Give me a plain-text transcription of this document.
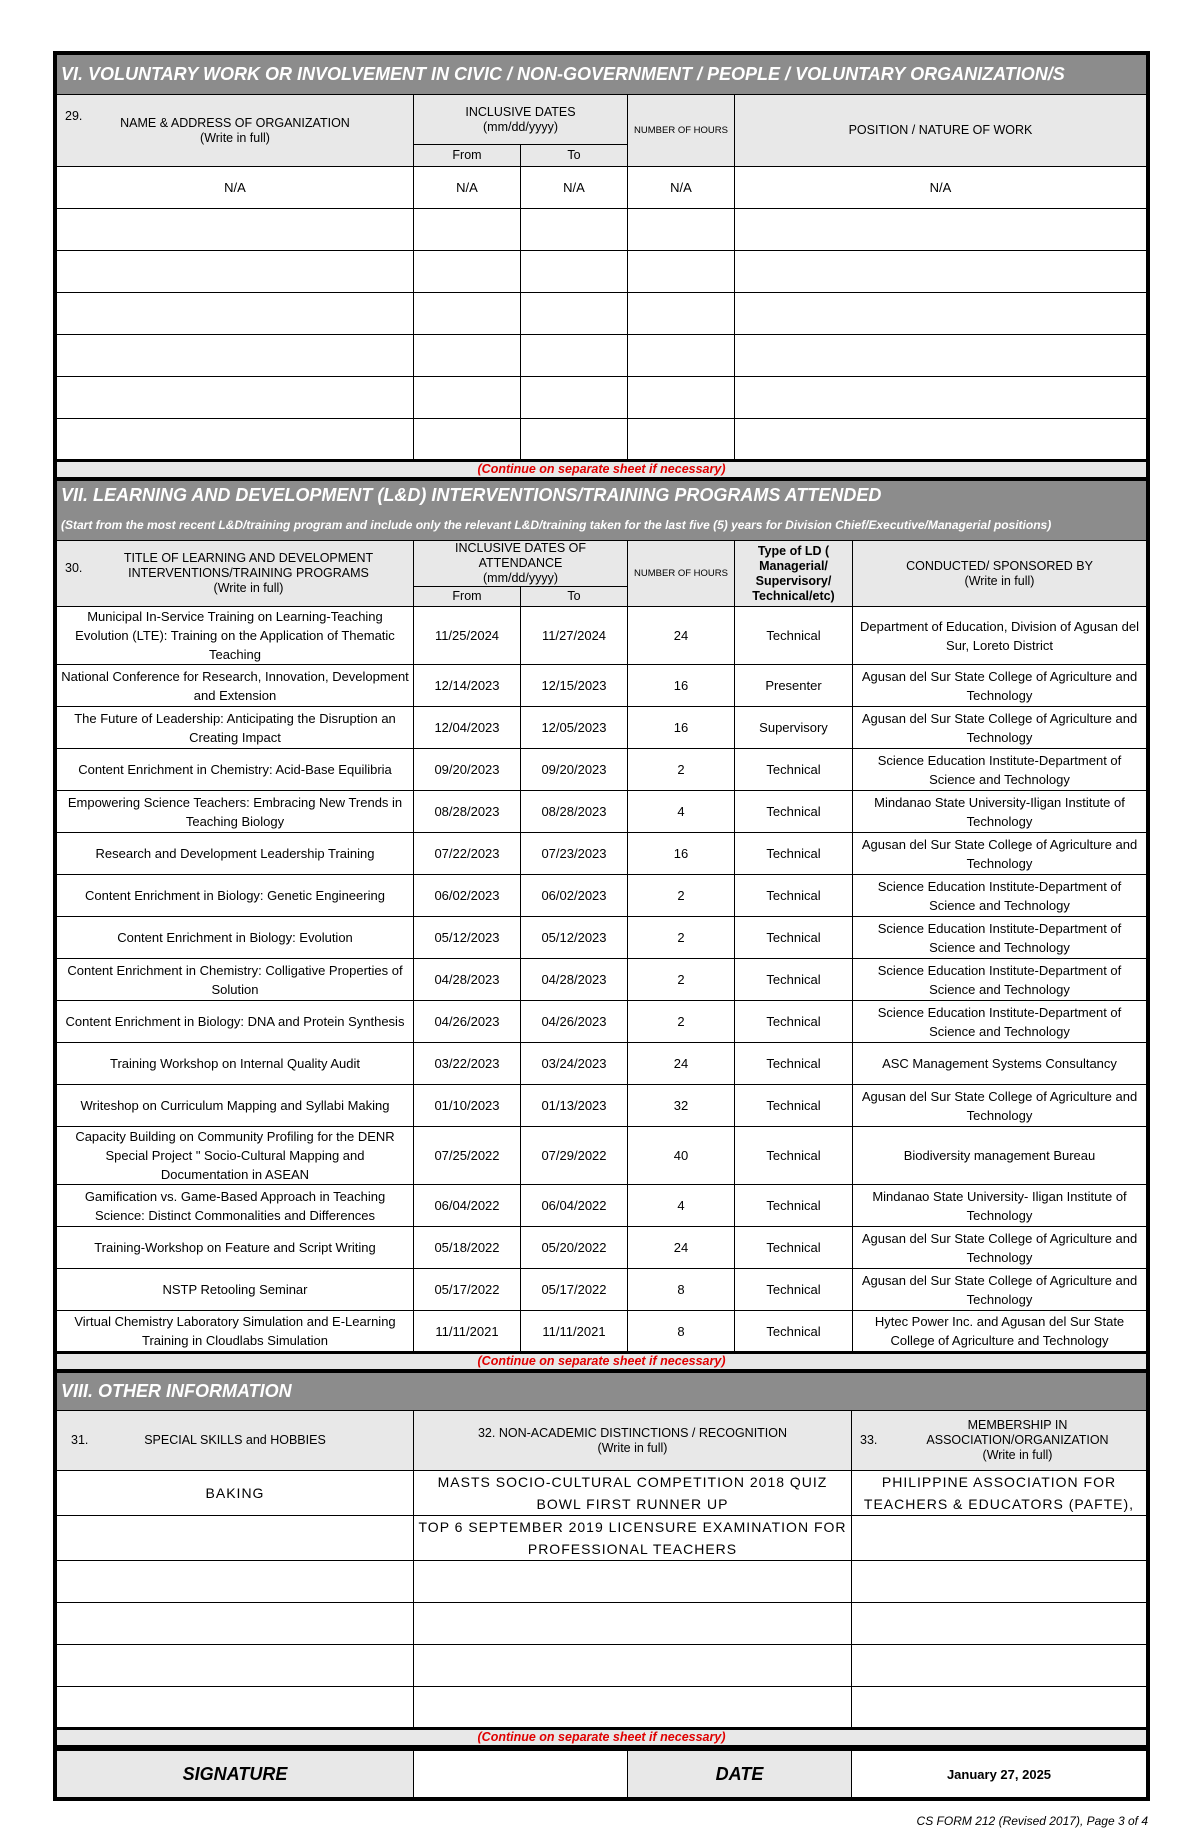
VI. VOLUNTARY WORK OR INVOLVEMENT IN CIVIC / NON-GOVERNMENT / PEOPLE / VOLUNTARY ORGANIZATION/S				

29. NAME & ADDRESS OF ORGANIZATION
(Write in full)	INCLUSIVE DATES
(mm/dd/yyyy)		NUMBER OF HOURS	POSITION / NATURE OF WORK
	From	To		
N/A	N/A	N/A	N/A	N/A

(Continue on separate sheet if necessary)				
VII. LEARNING AND DEVELOPMENT (L&D) INTERVENTIONS/TRAINING PROGRAMS ATTENDED					
(Start from the most recent L&D/training program and include only the relevant L&D/training taken for the last five (5) years for Division Chief/Executive/Managerial positions)					

30.
TITLE OF LEARNING AND DEVELOPMENT INTERVENTIONS/TRAINING PROGRAMS
(Write in full)	INCLUSIVE DATES OF ATTENDANCE
(mm/dd/yyyy)		NUMBER OF HOURS	Type of LD ( Managerial/ Supervisory/ Technical/etc)	CONDUCTED/ SPONSORED BY
(Write in full)
	From	To			
Municipal In-Service Training on Learning-Teaching Evolution (LTE): Training on the Application of Thematic Teaching	11/25/2024	11/27/2024	24	Technical	Department of Education, Division of Agusan del Sur, Loreto District
National Conference for Research, Innovation, Development and Extension	12/14/2023	12/15/2023	16	Presenter	Agusan del Sur State College of Agriculture and Technology
The Future of Leadership: Anticipating the Disruption an Creating Impact	12/04/2023	12/05/2023	16	Supervisory	Agusan del Sur State College of Agriculture and Technology
Content Enrichment in Chemistry: Acid-Base Equilibria	09/20/2023	09/20/2023	2	Technical	Science Education Institute-Department of Science and Technology
Empowering Science Teachers: Embracing New Trends in Teaching Biology	08/28/2023	08/28/2023	4	Technical	Mindanao State University-Iligan Institute of Technology
Research and Development Leadership Training	07/22/2023	07/23/2023	16	Technical	Agusan del Sur State College of Agriculture and Technology
Content Enrichment in Biology: Genetic Engineering	06/02/2023	06/02/2023	2	Technical	Science Education Institute-Department of Science and Technology
Content Enrichment in Biology: Evolution	05/12/2023	05/12/2023	2	Technical	Science Education Institute-Department of Science and Technology
Content Enrichment in Chemistry: Colligative Properties of Solution	04/28/2023	04/28/2023	2	Technical	Science Education Institute-Department of Science and Technology
Content Enrichment in Biology: DNA and Protein Synthesis	04/26/2023	04/26/2023	2	Technical	Science Education Institute-Department of Science and Technology
Training Workshop on Internal Quality Audit	03/22/2023	03/24/2023	24	Technical	ASC Management Systems Consultancy
Writeshop on Curriculum Mapping and Syllabi Making	01/10/2023	01/13/2023	32	Technical	Agusan del Sur State College of Agriculture and Technology
Capacity Building on Community Profiling for the DENR Special Project " Socio-Cultural Mapping and Documentation in ASEAN	07/25/2022	07/29/2022	40	Technical	Biodiversity management Bureau
Gamification vs. Game-Based Approach in Teaching Science: Distinct Commonalities and Differences	06/04/2022	06/04/2022	4	Technical	Mindanao State University- Iligan Institute of Technology
Training-Workshop on Feature and Script Writing	05/18/2022	05/20/2022	24	Technical	Agusan del Sur State College of Agriculture and Technology
NSTP Retooling Seminar	05/17/2022	05/17/2022	8	Technical	Agusan del Sur State College of Agriculture and Technology
Virtual Chemistry Laboratory Simulation and E-Learning Training in Cloudlabs Simulation	11/11/2021	11/11/2021	8	Technical	Hytec Power Inc. and Agusan del Sur State College of Agriculture and Technology
(Continue on separate sheet if necessary)					
VIII. OTHER INFORMATION		

31. SPECIAL SKILLS and HOBBIES	32. NON-ACADEMIC DISTINCTIONS / RECOGNITION
(Write in full)	33.
MEMBERSHIP IN ASSOCIATION/ORGANIZATION
(Write in full)
BAKING	MASTS SOCIO-CULTURAL COMPETITION 2018 QUIZ BOWL FIRST RUNNER UP	PHILIPPINE ASSOCIATION FOR TEACHERS & EDUCATORS (PAFTE),
	TOP 6 SEPTEMBER 2019 LICENSURE EXAMINATION FOR PROFESSIONAL TEACHERS	

(Continue on separate sheet if necessary)		
SIGNATURE		DATE	January 27, 2025
CS FORM 212 (Revised 2017), Page 3 of 4
